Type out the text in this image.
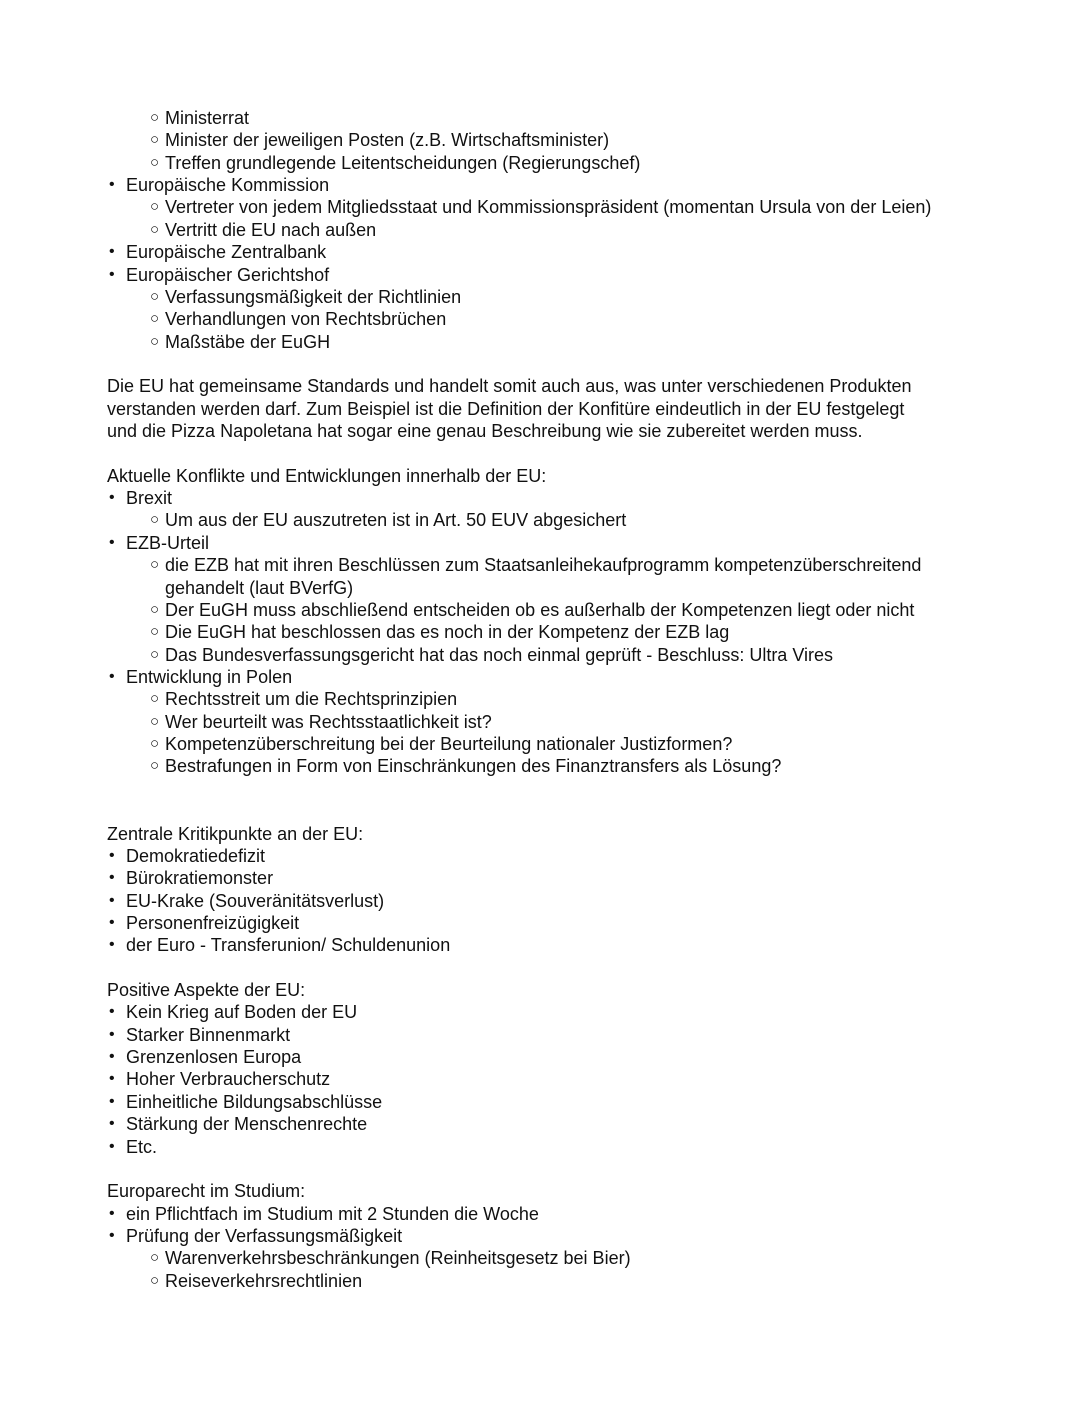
○ Ministerrat
○ Minister der jeweiligen Posten (z.B. Wirtschaftsminister)
○ Treffen grundlegende Leitentscheidungen (Regierungschef)
• Europäische Kommission
○ Vertreter von jedem Mitgliedsstaat und Kommissionspräsident (momentan Ursula von der Leien)
○ Vertritt die EU nach außen
• Europäische Zentralbank
• Europäischer Gerichtshof
○ Verfassungsmäßigkeit der Richtlinien
○ Verhandlungen von Rechtsbrüchen
○ Maßstäbe der EuGH
Die EU hat gemeinsame Standards und handelt somit auch aus, was unter verschiedenen Produkten
verstanden werden darf. Zum Beispiel ist die Definition der Konfitüre eindeutlich in der EU festgelegt
und die Pizza Napoletana hat sogar eine genau Beschreibung wie sie zubereitet werden muss.
Aktuelle Konflikte und Entwicklungen innerhalb der EU:
• Brexit
○ Um aus der EU auszutreten ist in Art. 50 EUV abgesichert
• EZB-Urteil
○ die EZB hat mit ihren Beschlüssen zum Staatsanleihekaufprogramm kompetenzüberschreitend
gehandelt (laut BVerfG)
○ Der EuGH muss abschließend entscheiden ob es außerhalb der Kompetenzen liegt oder nicht
○ Die EuGH hat beschlossen das es noch in der Kompetenz der EZB lag
○ Das Bundesverfassungsgericht hat das noch einmal geprüft - Beschluss: Ultra Vires
• Entwicklung in Polen
○ Rechtsstreit um die Rechtsprinzipien
○ Wer beurteilt was Rechtsstaatlichkeit ist?
○ Kompetenzüberschreitung bei der Beurteilung nationaler Justizformen?
○ Bestrafungen in Form von Einschränkungen des Finanztransfers als Lösung?
Zentrale Kritikpunkte an der EU:
• Demokratiedefizit
• Bürokratiemonster
• EU-Krake (Souveränitätsverlust)
• Personenfreizügigkeit
• der Euro - Transferunion/ Schuldenunion
Positive Aspekte der EU:
• Kein Krieg auf Boden der EU
• Starker Binnenmarkt
• Grenzenlosen Europa
• Hoher Verbraucherschutz
• Einheitliche Bildungsabschlüsse
• Stärkung der Menschenrechte
• Etc.
Europarecht im Studium:
• ein Pflichtfach im Studium mit 2 Stunden die Woche
• Prüfung der Verfassungsmäßigkeit
○ Warenverkehrsbeschränkungen (Reinheitsgesetz bei Bier)
○ Reiseverkehrsrechtlinien
